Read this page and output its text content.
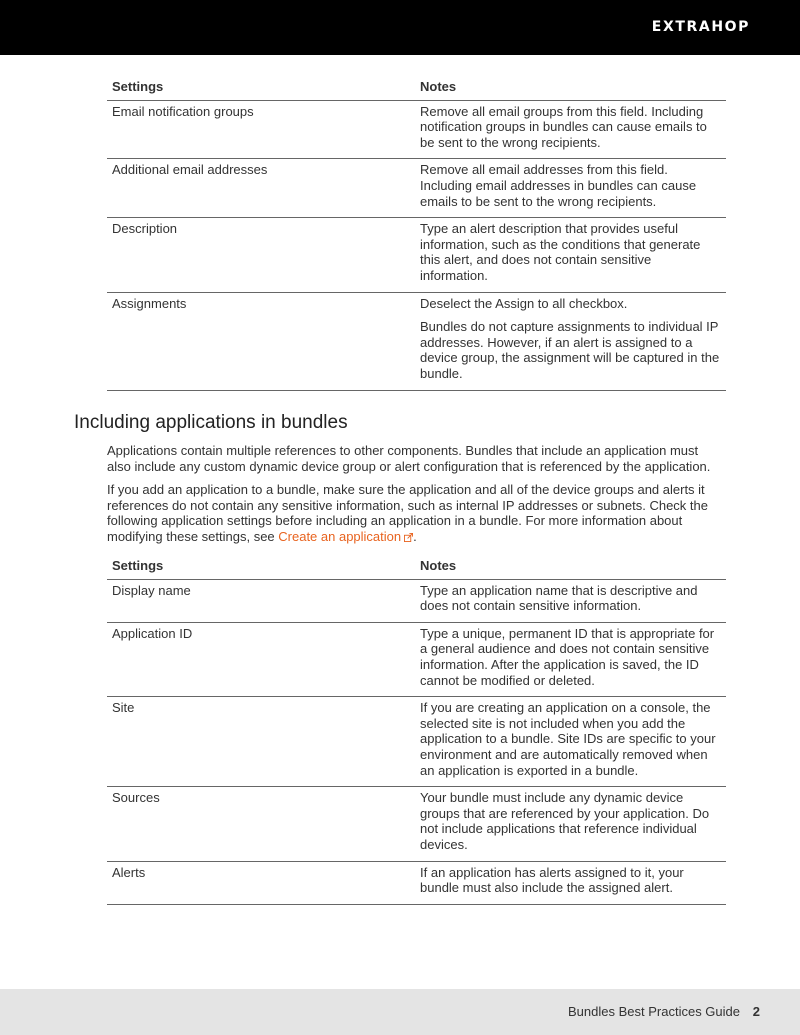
EXTRAHOP
Settings	Notes
Email notification groups	Remove all email groups from this field. Including notification groups in bundles can cause emails to be sent to the wrong recipients.

Additional email addresses	Remove all email addresses from this field. Including email addresses in bundles can cause emails to be sent to the wrong recipients.

Description	Type an alert description that provides useful information, such as the conditions that generate this alert, and does not contain sensitive information.

Assignments	Deselect the Assign to all checkbox.

Bundles do not capture assignments to individual IP addresses. However, if an alert is assigned to a device group, the assignment will be captured in the bundle.

Including applications in bundles

Applications contain multiple references to other components. Bundles that include an application must also include any custom dynamic device group or alert configuration that is referenced by the application.

If you add an application to a bundle, make sure the application and all of the device groups and alerts it references do not contain any sensitive information, such as internal IP addresses or subnets. Check the following application settings before including an application in a bundle. For more information about modifying these settings, see Create an application .

Settings	Notes
Display name	Type an application name that is descriptive and does not contain sensitive information.

Application ID	Type a unique, permanent ID that is appropriate for a general audience and does not contain sensitive information. After the application is saved, the ID cannot be modified or deleted.

Site	If you are creating an application on a console, the selected site is not included when you add the application to a bundle. Site IDs are specific to your environment and are automatically removed when an application is exported in a bundle.

Sources	Your bundle must include any dynamic device groups that are referenced by your application. Do not include applications that reference individual devices.

Alerts	If an application has alerts assigned to it, your bundle must also include the assigned alert.

Bundles Best Practices Guide 2
